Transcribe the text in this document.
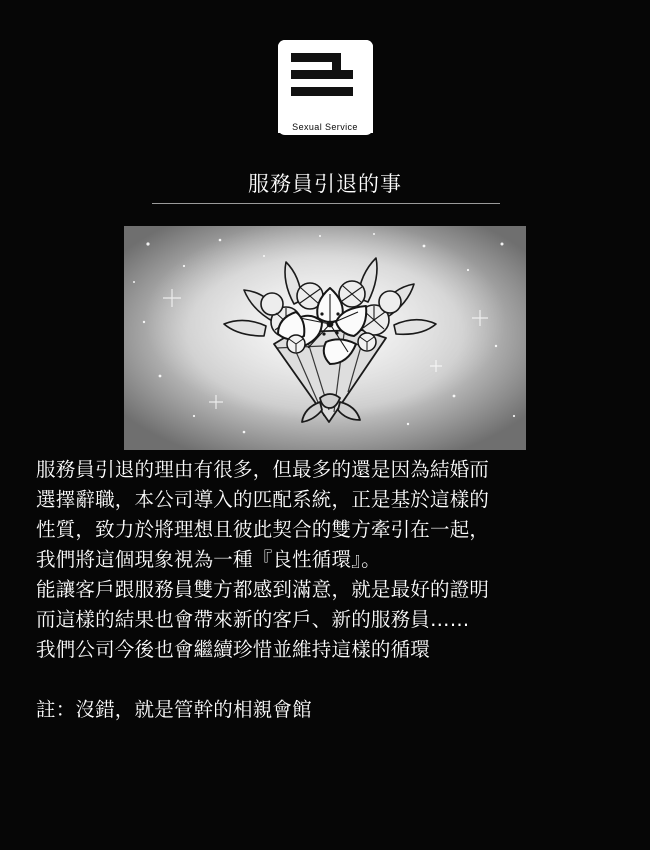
Sexual Service
服務員引退的事

服務員引退的理由有很多，但最多的還是因為結婚而

選擇辭職，本公司導入的匹配系統，正是基於這樣的

性質，致力於將理想且彼此契合的雙方牽引在一起，

我們將這個現象視為一種『良性循環』。

能讓客戶跟服務員雙方都感到滿意，就是最好的證明

而這樣的結果也會帶來新的客戶、新的服務員……

我們公司今後也會繼續珍惜並維持這樣的循環

註：沒錯，就是管幹的相親會館
